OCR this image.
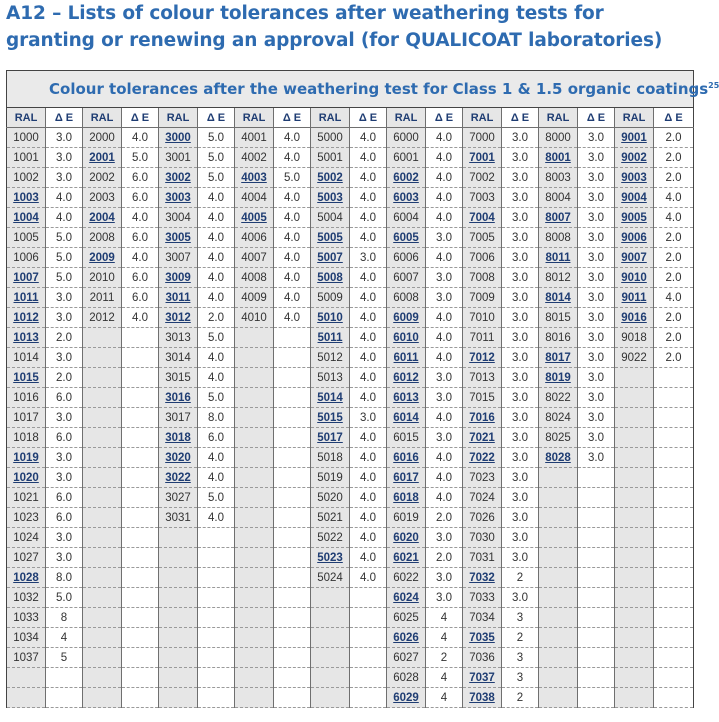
A12 – Lists of colour tolerances after weathering tests for granting or renewing an approval (for QUALICOAT laboratories)
Colour tolerances after the weathering test for Class 1 & 1.5 organic coatings$^{25}$
RAL	Δ E	RAL	Δ E	RAL	Δ E	RAL	Δ E	RAL	Δ E	RAL	Δ E	RAL	Δ E	RAL	Δ E	RAL	Δ E
1000	3.0	2000	4.0	3000	5.0	4001	4.0	5000	4.0	6000	4.0	7000	3.0	8000	3.0	9001	2.0
1001	3.0	2001	5.0	3001	5.0	4002	4.0	5001	4.0	6001	4.0	7001	3.0	8001	3.0	9002	2.0
1002	3.0	2002	6.0	3002	5.0	4003	5.0	5002	4.0	6002	4.0	7002	3.0	8003	3.0	9003	2.0
1003	4.0	2003	6.0	3003	4.0	4004	4.0	5003	4.0	6003	4.0	7003	3.0	8004	3.0	9004	4.0
1004	4.0	2004	4.0	3004	4.0	4005	4.0	5004	4.0	6004	4.0	7004	3.0	8007	3.0	9005	4.0
1005	5.0	2008	6.0	3005	4.0	4006	4.0	5005	4.0	6005	3.0	7005	3.0	8008	3.0	9006	2.0
1006	5.0	2009	4.0	3007	4.0	4007	4.0	5007	3.0	6006	4.0	7006	3.0	8011	3.0	9007	2.0
1007	5.0	2010	6.0	3009	4.0	4008	4.0	5008	4.0	6007	3.0	7008	3.0	8012	3.0	9010	2.0
1011	3.0	2011	6.0	3011	4.0	4009	4.0	5009	4.0	6008	3.0	7009	3.0	8014	3.0	9011	4.0
1012	3.0	2012	4.0	3012	2.0	4010	4.0	5010	4.0	6009	4.0	7010	3.0	8015	3.0	9016	2.0
1013	2.0			3013	5.0			5011	4.0	6010	4.0	7011	3.0	8016	3.0	9018	2.0
1014	3.0			3014	4.0			5012	4.0	6011	4.0	7012	3.0	8017	3.0	9022	2.0
1015	2.0			3015	4.0			5013	4.0	6012	3.0	7013	3.0	8019	3.0		
1016	6.0			3016	5.0			5014	4.0	6013	3.0	7015	3.0	8022	3.0		
1017	3.0			3017	8.0			5015	3.0	6014	4.0	7016	3.0	8024	3.0		
1018	6.0			3018	6.0			5017	4.0	6015	3.0	7021	3.0	8025	3.0		
1019	3.0			3020	4.0			5018	4.0	6016	4.0	7022	3.0	8028	3.0		
1020	3.0			3022	4.0			5019	4.0	6017	4.0	7023	3.0				
1021	6.0			3027	5.0			5020	4.0	6018	4.0	7024	3.0				
1023	6.0			3031	4.0			5021	4.0	6019	2.0	7026	3.0				
1024	3.0							5022	4.0	6020	3.0	7030	3.0				
1027	3.0							5023	4.0	6021	2.0	7031	3.0				
1028	8.0							5024	4.0	6022	3.0	7032	2				
1032	5.0									6024	3.0	7033	3.0				
1033	8									6025	4	7034	3				
1034	4									6026	4	7035	2				
1037	5									6027	2	7036	3				
										6028	4	7037	3				
										6029	4	7038	2				
